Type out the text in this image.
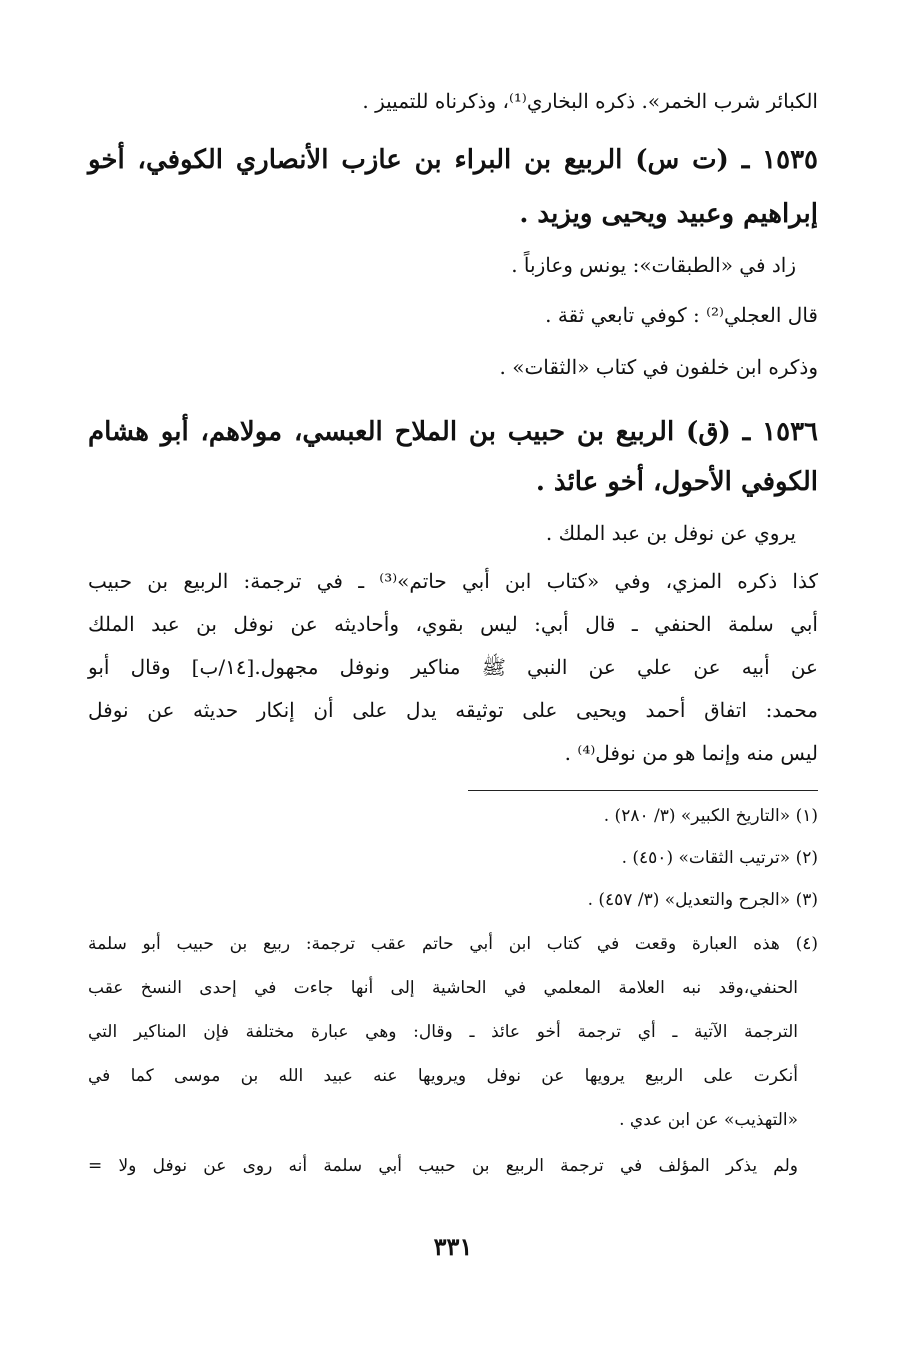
الكبائر شرب الخمر». ذكره البخاري⁽¹⁾، وذكرناه للتمييز .
١٥٣٥ ـ (ت س) الربيع بن البراء بن عازب الأنصاري الكوفي، أخو
إبراهيم وعبيد ويحيى ويزيد .
زاد في «الطبقات»: يونس وعازباً .
قال العجلي⁽²⁾ : كوفي تابعي ثقة .
وذكره ابن خلفون في كتاب «الثقات» .
١٥٣٦ ـ (ق) الربيع بن حبيب بن الملاح العبسي، مولاهم، أبو هشام
الكوفي الأحول، أخو عائذ .
يروي عن نوفل بن عبد الملك .
كذا ذكره المزي، وفي «كتاب ابن أبي حاتم»⁽³⁾ ـ في ترجمة: الربيع بن حبيب
أبي سلمة الحنفي ـ قال أبي: ليس بقوي، وأحاديثه عن نوفل بن عبد الملك
عن أبيه عن علي عن النبي ﷺ مناكير ونوفل مجهول.[١٤/ب] وقال أبو
محمد: اتفاق أحمد ويحيى على توثيقه يدل على أن إنكار حديثه عن نوفل
ليس منه وإنما هو من نوفل⁽⁴⁾ .
(١) «التاريخ الكبير» (٣/ ٢٨٠) .
(٢) «ترتيب الثقات» (٤٥٠) .
(٣) «الجرح والتعديل» (٣/ ٤٥٧) .
(٤) هذه العبارة وقعت في كتاب ابن أبي حاتم عقب ترجمة: ربيع بن حبيب أبو سلمة
الحنفي،وقد نبه العلامة المعلمي في الحاشية إلى أنها جاءت في إحدى النسخ عقب
الترجمة الآتية ـ أي ترجمة أخو عائذ ـ وقال: وهي عبارة مختلفة فإن المناكير التي
أنكرت على الربيع يرويها عن نوفل ويرويها عنه عبيد الله بن موسى كما في
«التهذيب» عن ابن عدي .
ولم يذكر المؤلف في ترجمة الربيع بن حبيب أبي سلمة أنه روى عن نوفل ولا =
٣٣١
